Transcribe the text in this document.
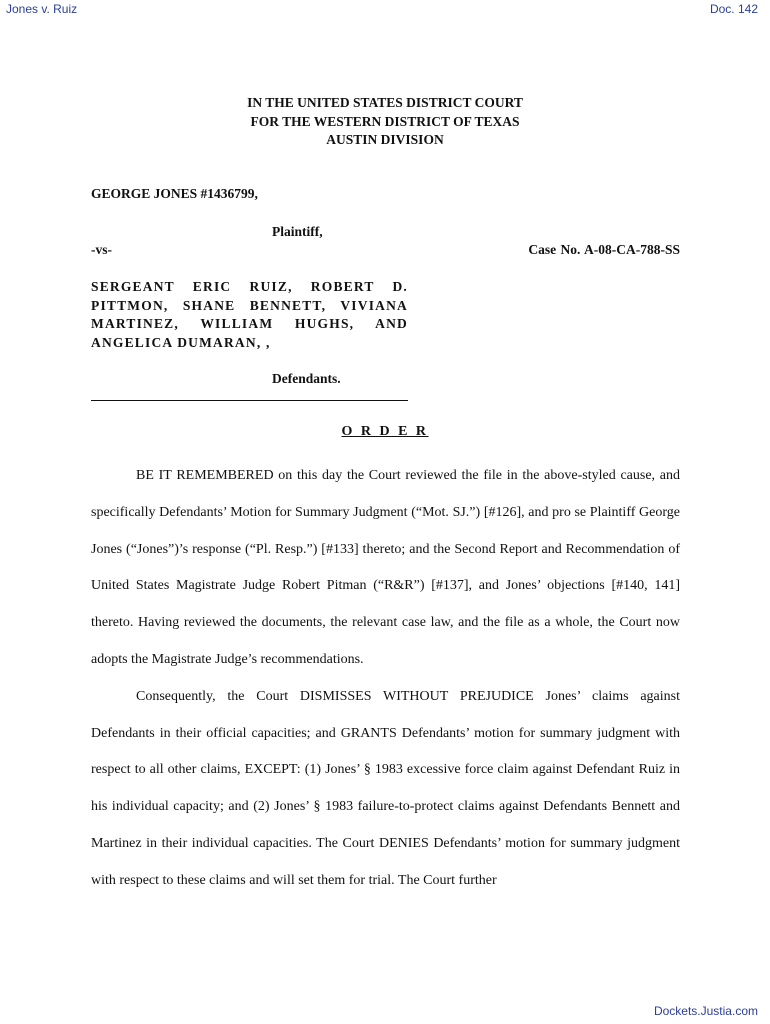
Jones v. Ruiz	Doc. 142
IN THE UNITED STATES DISTRICT COURT
FOR THE WESTERN DISTRICT OF TEXAS
AUSTIN DIVISION
GEORGE JONES #1436799,
Plaintiff,
-vs-	Case No. A-08-CA-788-SS
SERGEANT ERIC RUIZ, ROBERT D. PITTMON, SHANE BENNETT, VIVIANA MARTINEZ, WILLIAM HUGHS, AND ANGELICA DUMARAN, ,
Defendants.
O R D E R

BE IT REMEMBERED on this day the Court reviewed the file in the above-styled cause, and specifically Defendants’ Motion for Summary Judgment (“Mot. SJ.”) [#126], and pro se Plaintiff George Jones (“Jones”)’s response (“Pl. Resp.”) [#133] thereto; and the Second Report and Recommendation of United States Magistrate Judge Robert Pitman (“R&R”) [#137], and Jones’ objections [#140, 141] thereto. Having reviewed the documents, the relevant case law, and the file as a whole, the Court now adopts the Magistrate Judge’s recommendations.

Consequently, the Court DISMISSES WITHOUT PREJUDICE Jones’ claims against Defendants in their official capacities; and GRANTS Defendants’ motion for summary judgment with respect to all other claims, EXCEPT: (1) Jones’ § 1983 excessive force claim against Defendant Ruiz in his individual capacity; and (2) Jones’ § 1983 failure-to-protect claims against Defendants Bennett and Martinez in their individual capacities. The Court DENIES Defendants’ motion for summary judgment with respect to these claims and will set them for trial. The Court further

Dockets.Justia.com
